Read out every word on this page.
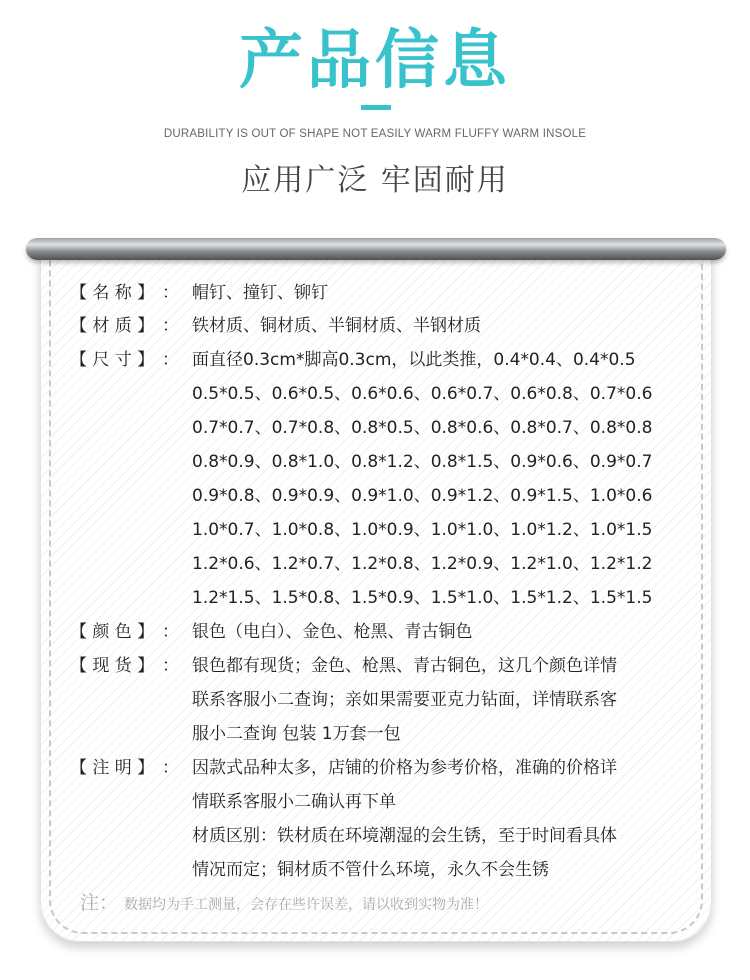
产品信息
DURABILITY IS OUT OF SHAPE NOT EASILY WARM FLUFFY WARM INSOLE
应用广泛 牢固耐用
【 名 称 】 ： 帽钉、撞钉、铆钉
【 材 质 】 ： 铁材质、铜材质、半铜材质、半钢材质
【 尺 寸 】 ： 面直径0.3cm*脚高0.3cm，以此类推，0.4*0.4、0.4*0.5
0.5*0.5、0.6*0.5、0.6*0.6、0.6*0.7、0.6*0.8、0.7*0.6
0.7*0.7、0.7*0.8、0.8*0.5、0.8*0.6、0.8*0.7、0.8*0.8
0.8*0.9、0.8*1.0、0.8*1.2、0.8*1.5、0.9*0.6、0.9*0.7
0.9*0.8、0.9*0.9、0.9*1.0、0.9*1.2、0.9*1.5、1.0*0.6
1.0*0.7、1.0*0.8、1.0*0.9、1.0*1.0、1.0*1.2、1.0*1.5
1.2*0.6、1.2*0.7、1.2*0.8、1.2*0.9、1.2*1.0、1.2*1.2
1.2*1.5、1.5*0.8、1.5*0.9、1.5*1.0、1.5*1.2、1.5*1.5
【 颜 色 】 ： 银色（电白）、金色、枪黑、青古铜色
【 现 货 】 ： 银色都有现货；金色、枪黑、青古铜色，这几个颜色详情
联系客服小二查询；亲如果需要亚克力钻面，详情联系客
服小二查询 包装 1万套一包
【 注 明 】 ： 因款式品种太多，店铺的价格为参考价格，准确的价格详
情联系客服小二确认再下单
材质区别：铁材质在环境潮湿的会生锈，至于时间看具体
情况而定；铜材质不管什么环境，永久不会生锈
注： 数据均为手工测量，会存在些许误差，请以收到实物为准！
